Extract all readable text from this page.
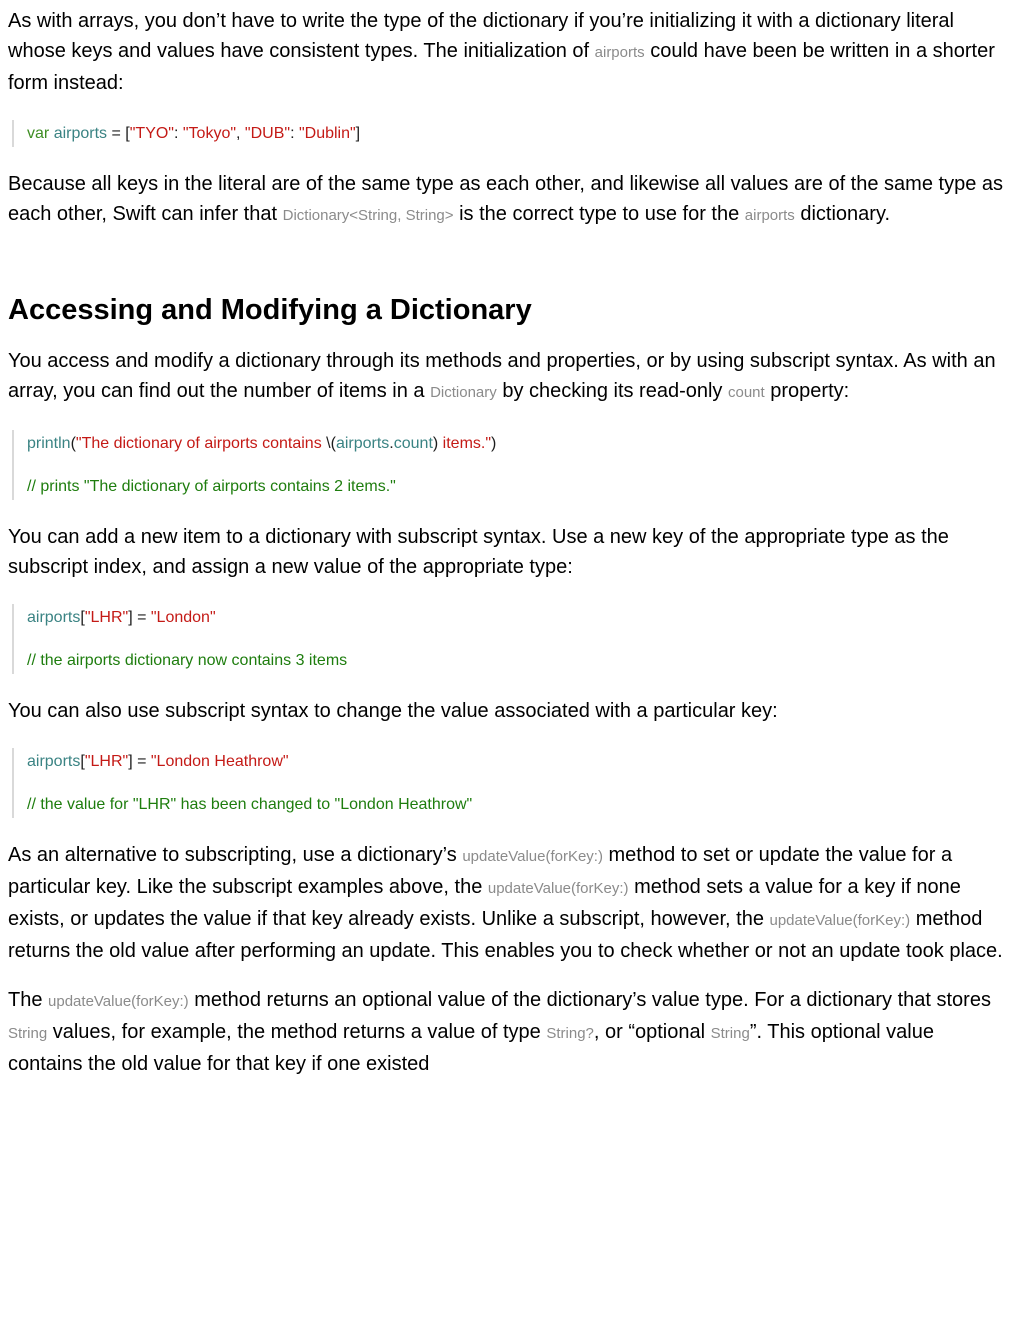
As with arrays, you don’t have to write the type of the dictionary if you’re initializing it with a dictionary literal whose keys and values have consistent types. The initialization of airports could have been be written in a shorter form instead:

var airports = ["TYO": "Tokyo", "DUB": "Dublin"]

Because all keys in the literal are of the same type as each other, and likewise all values are of the same type as each other, Swift can infer that Dictionary<String, String> is the correct type to use for the airports dictionary.

Accessing and Modifying a Dictionary

You access and modify a dictionary through its methods and properties, or by using subscript syntax. As with an array, you can find out the number of items in a Dictionary by checking its read-only count property:

println("The dictionary of airports contains \(airports.count) items.")
// prints "The dictionary of airports contains 2 items."

You can add a new item to a dictionary with subscript syntax. Use a new key of the appropriate type as the subscript index, and assign a new value of the appropriate type:

airports["LHR"] = "London"
// the airports dictionary now contains 3 items

You can also use subscript syntax to change the value associated with a particular key:

airports["LHR"] = "London Heathrow"
// the value for "LHR" has been changed to "London Heathrow"

As an alternative to subscripting, use a dictionary’s updateValue(forKey:) method to set or update the value for a particular key. Like the subscript examples above, the updateValue(forKey:) method sets a value for a key if none exists, or updates the value if that key already exists. Unlike a subscript, however, the updateValue(forKey:) method returns the old value after performing an update. This enables you to check whether or not an update took place.

The updateValue(forKey:) method returns an optional value of the dictionary’s value type. For a dictionary that stores String values, for example, the method returns a value of type String?, or “optional String”. This optional value contains the old value for that key if one existed
